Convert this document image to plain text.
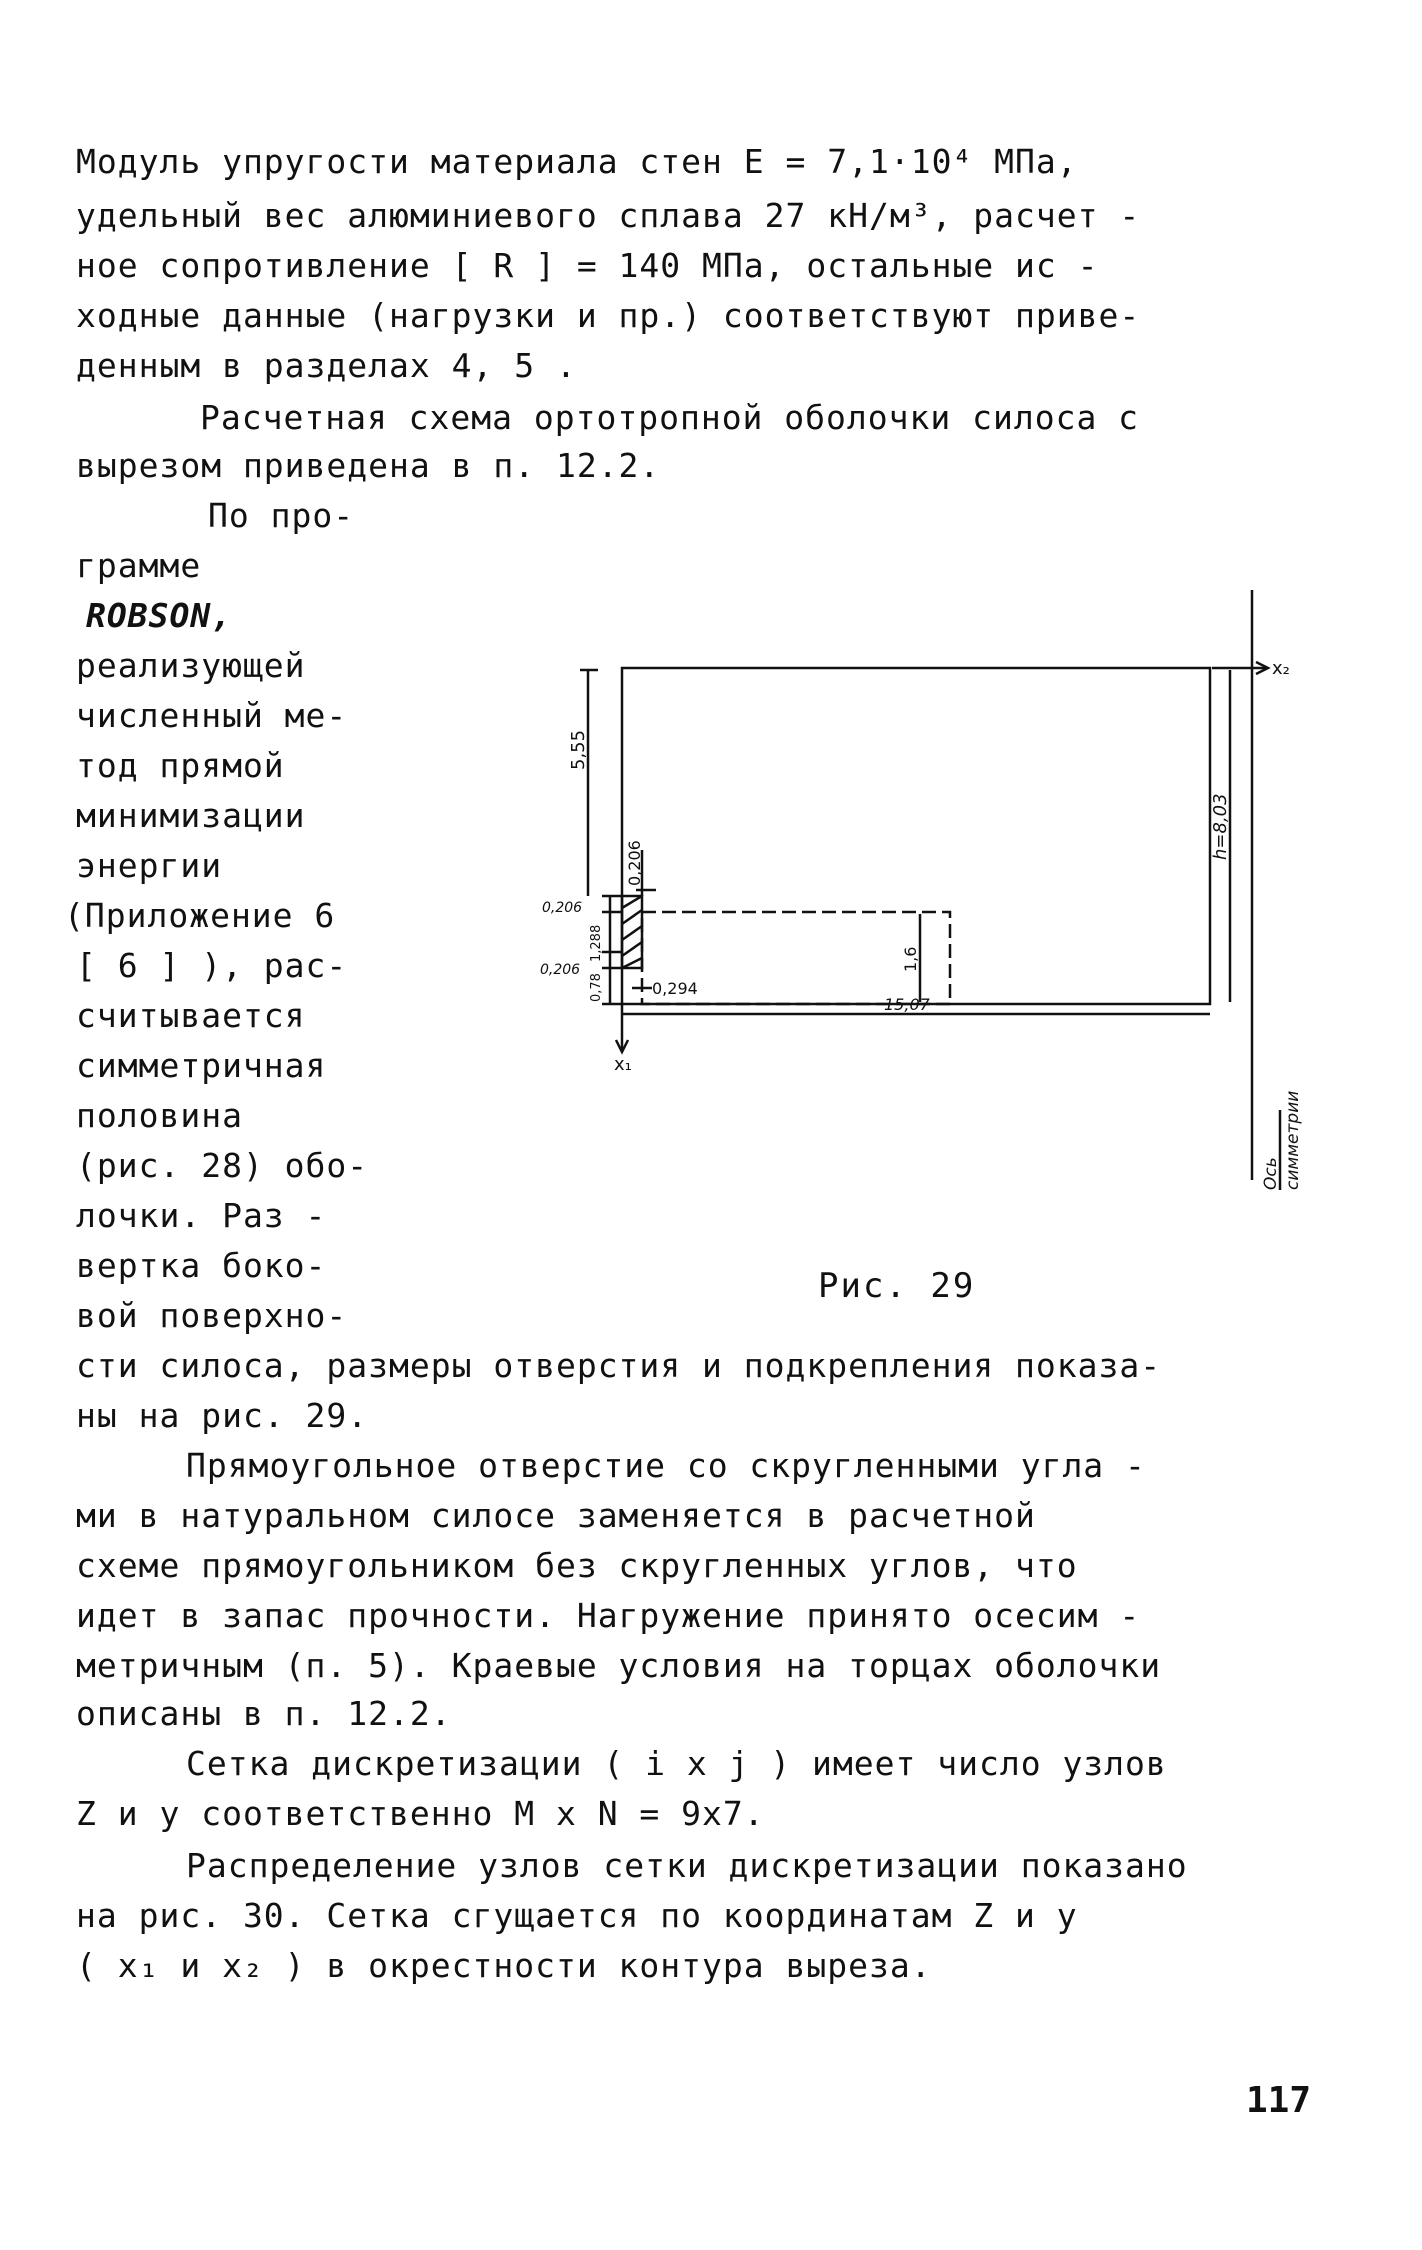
Модуль упругости материала стен E = 7,1·10⁴ МПа,
удельный вес алюминиевого сплава 27 кН/м³, расчет -
ное сопротивление [ R ] = 140 МПа, остальные ис -
ходные данные (нагрузки и пр.) соответствуют приве-
денным в разделах 4, 5 .
Расчетная схема ортотропной оболочки силоса с
вырезом приведена в п. 12.2.
По про-
грамме
ROBSON,
реализующей
численный ме-
тод прямой
минимизации
энергии
(Приложение 6
[ 6 ] ), рас-
считывается
симметричная
половина
(рис. 28) обо-
лочки. Раз -
вертка боко-
вой поверхно-
x₂
x₁
5,55
h=8,03
0,206
0,206
1,288
0,206
0,78	0,294
1,6
15,07
Ось симметрии
Рис. 29
сти силоса, размеры отверстия и подкрепления показа-
ны на рис. 29.
Прямоугольное отверстие со скругленными угла -
ми в натуральном силосе заменяется в расчетной
схеме прямоугольником без скругленных углов, что
идет в запас прочности. Нагружение принято осесим -
метричным (п. 5). Краевые условия на торцах оболочки
описаны в п. 12.2.
Сетка дискретизации ( i x j ) имеет число узлов
Z и y соответственно M x N = 9x7.
Распределение узлов сетки дискретизации показано
на рис. 30. Сетка сгущается по координатам Z и y
( x₁ и x₂ ) в окрестности контура выреза.
117
